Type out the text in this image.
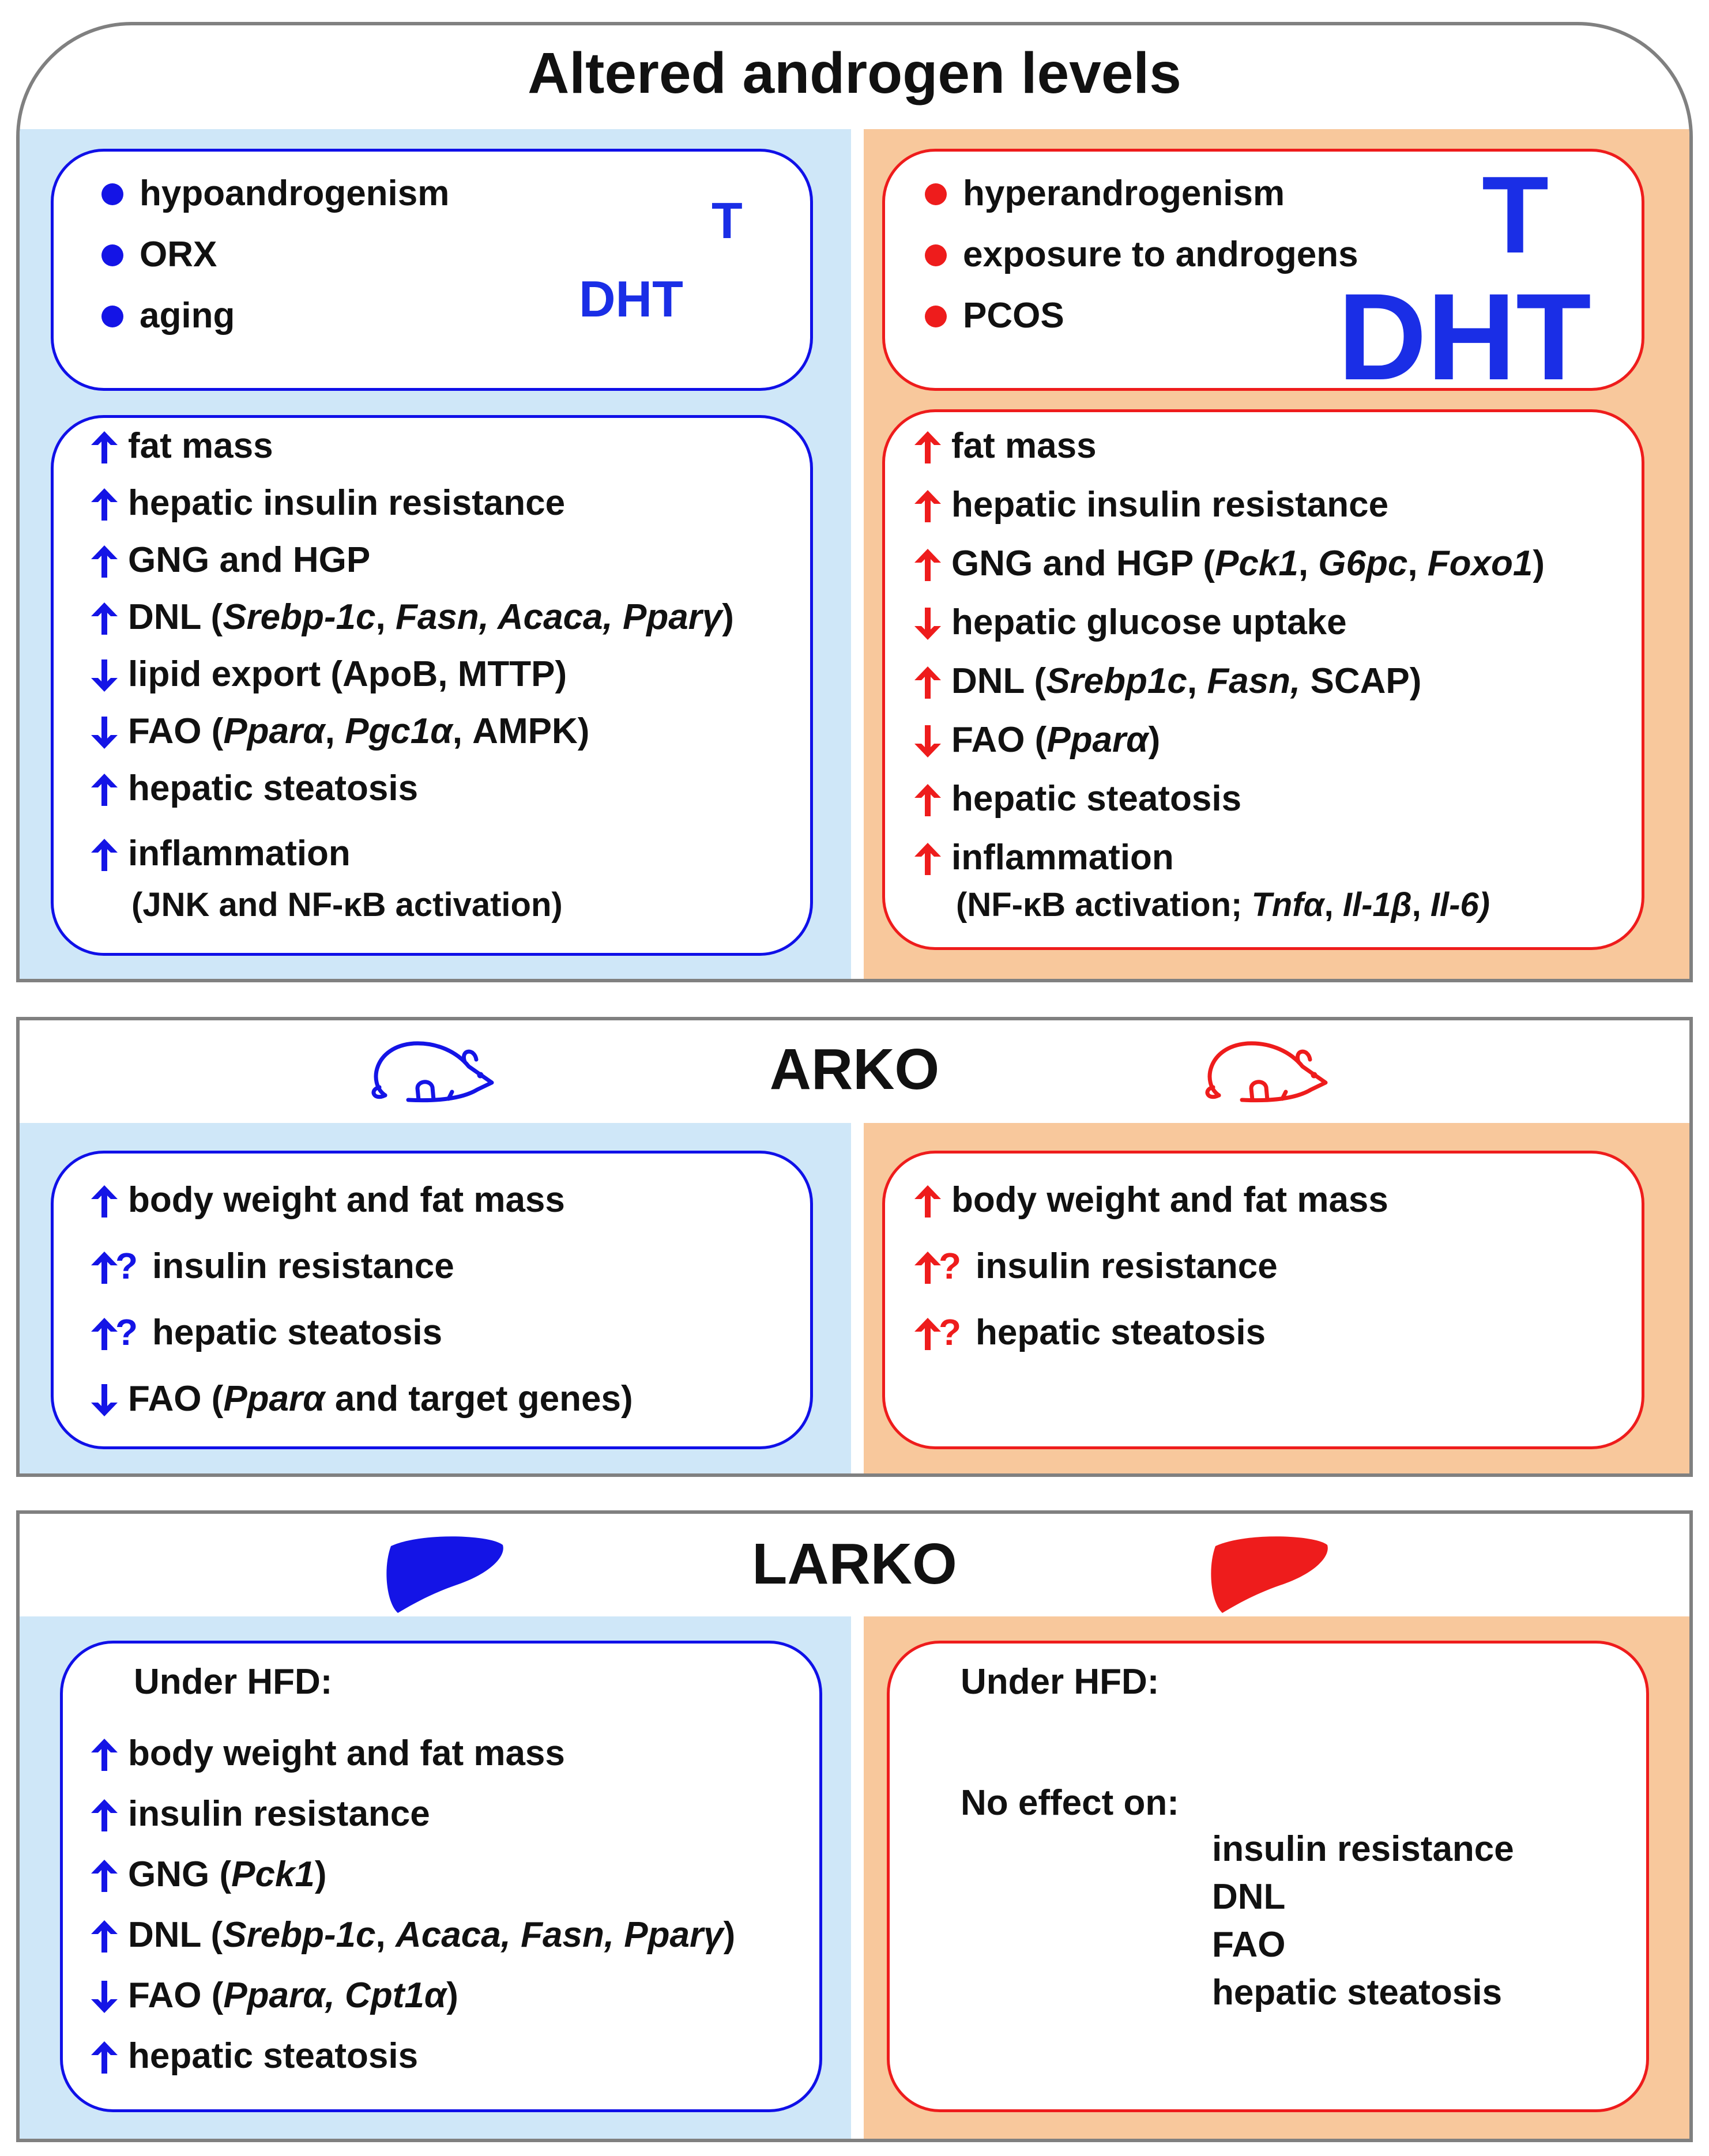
Altered androgen levels
T
DHT
T
DHT
(JNK and NF-κB activation)	(NF-κB activation; Tnfα, Il-1β, Il-6)
ARKO
LARKO
Under HFD:	Under HFD:
No effect on:
hypoandrogenism
ORX
aging
hyperandrogenism
exposure to androgens
PCOS
fat mass
hepatic insulin resistance
GNG and HGP
DNL (Srebp-1c, Fasn, Acaca, Pparγ)
lipid export (ApoB, MTTP)
FAO (Pparα, Pgc1α, AMPK)
hepatic steatosis
inflammation
fat mass
hepatic insulin resistance
GNG and HGP (Pck1, G6pc, Foxo1)
hepatic glucose uptake
DNL (Srebp1c, Fasn, SCAP)
FAO (Pparα)
hepatic steatosis
inflammation
body weight and fat mass
? insulin resistance
? hepatic steatosis
FAO (Pparα and target genes)
body weight and fat mass
? insulin resistance
? hepatic steatosis
body weight and fat mass
insulin resistance
GNG (Pck1)
DNL (Srebp-1c, Acaca, Fasn, Pparγ)
FAO (Pparα, Cpt1α)
hepatic steatosis
insulin resistance
DNL
FAO
hepatic steatosis
